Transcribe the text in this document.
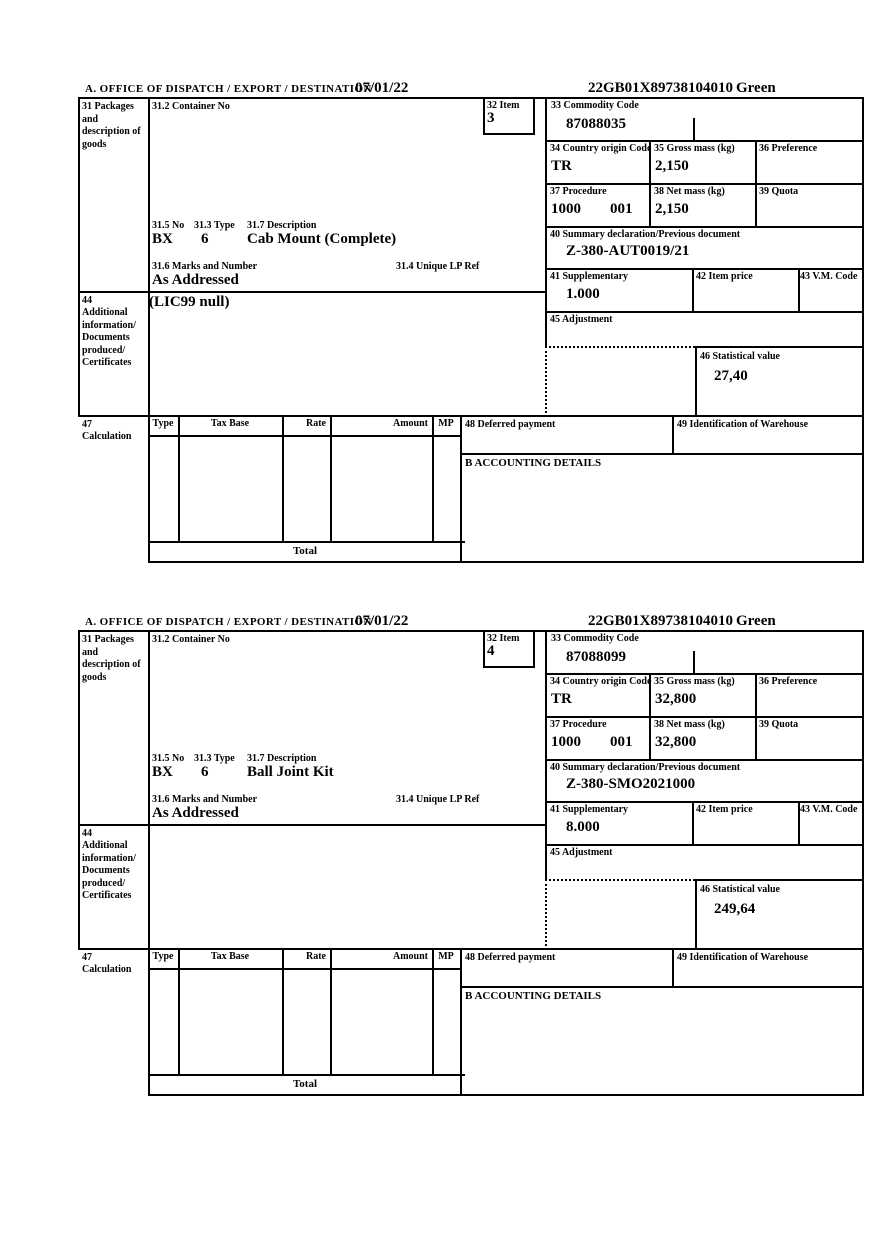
A. OFFICE OF DISPATCH / EXPORT / DESTINATION
07/01/22	22GB01X89738104010 Green
31 Packages and description of goods
47
Calculation
44
Additional information/ Documents produced/ Certificates
31.2 Container No	32 Item
3
31.5 No 31.3 Type 31.7 Description
BX 6	Cab Mount (Complete)
31.6 Marks and Number	31.4 Unique LP Ref
As Addressed
(LIC99 null)
33 Commodity Code
87088035
34 Country origin Code
TR
35 Gross mass (kg)
2,150
36 Preference
37 Procedure
1000 001
38 Net mass (kg)
2,150
39 Quota
40 Summary declaration/Previous document
Z-380-AUT0019/21
41 Supplementary
1.000
42 Item price	43 V.M. Code
45 Adjustment
46 Statistical value
27,40
Type	Tax Base	Rate	Amount	MP
Total
48 Deferred payment	49 Identification of Warehouse
B ACCOUNTING DETAILS
A. OFFICE OF DISPATCH / EXPORT / DESTINATION
07/01/22	22GB01X89738104010 Green
31 Packages and description of goods
47
Calculation
44
Additional information/ Documents produced/ Certificates
31.2 Container No	32 Item
4
31.5 No 31.3 Type 31.7 Description
BX 6	Ball Joint Kit
31.6 Marks and Number	31.4 Unique LP Ref
As Addressed
33 Commodity Code
87088099
34 Country origin Code
TR
35 Gross mass (kg)
32,800
36 Preference
37 Procedure
1000 001
38 Net mass (kg)
32,800
39 Quota
40 Summary declaration/Previous document
Z-380-SMO2021000
41 Supplementary
8.000
42 Item price	43 V.M. Code
45 Adjustment
46 Statistical value
249,64
Type	Tax Base	Rate	Amount	MP
Total
48 Deferred payment	49 Identification of Warehouse
B ACCOUNTING DETAILS
